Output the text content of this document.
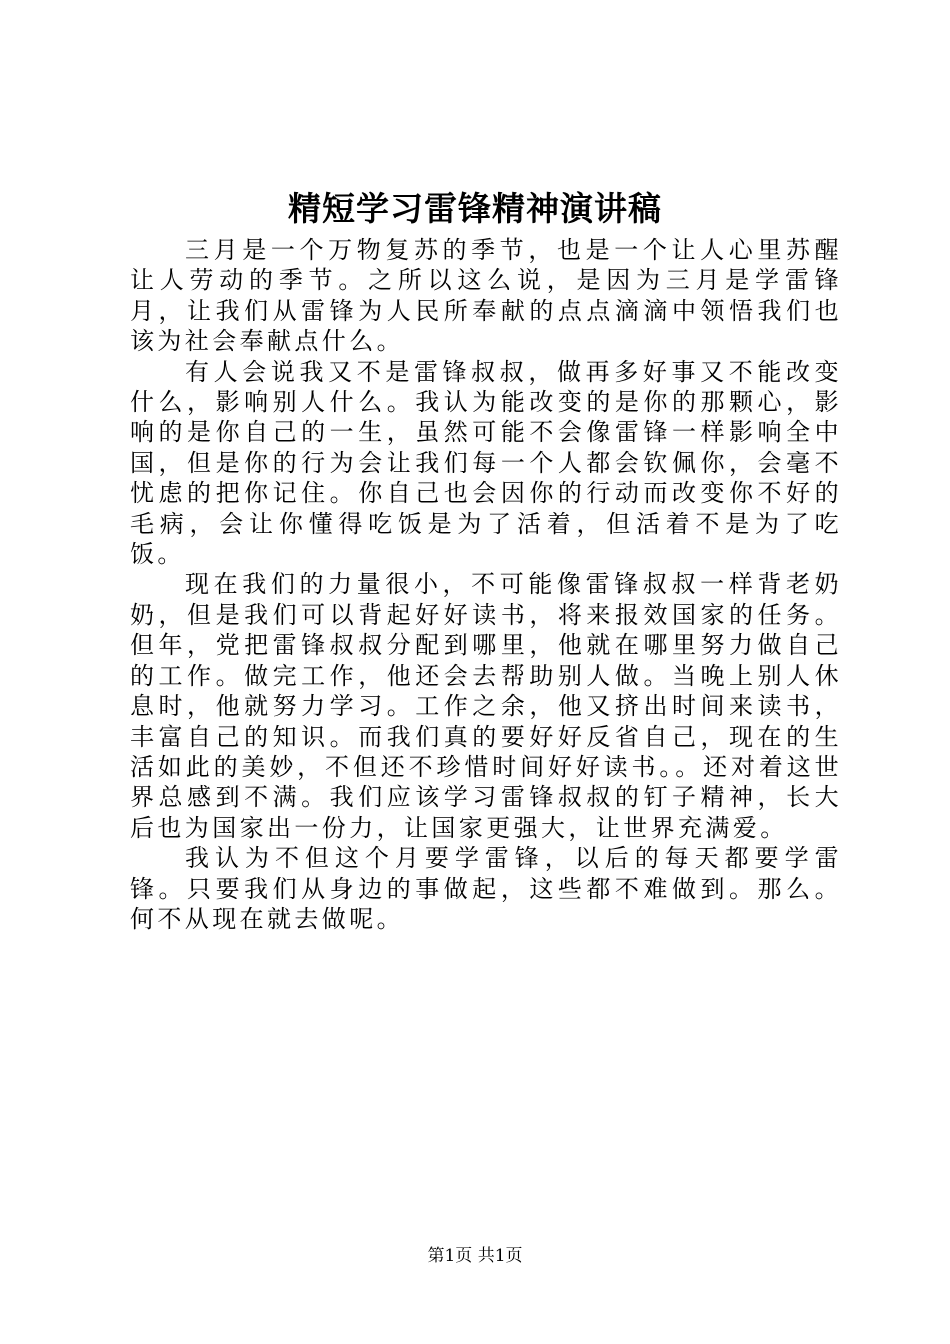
精短学习雷锋精神演讲稿

三月是一个万物复苏的季节，也是一个让人心里苏醒让人劳动的季节。之所以这么说，是因为三月是学雷锋月，让我们从雷锋为人民所奉献的点点滴滴中领悟我们也该为社会奉献点什么。

有人会说我又不是雷锋叔叔，做再多好事又不能改变什么，影响别人什么。我认为能改变的是你的那颗心，影响的是你自己的一生，虽然可能不会像雷锋一样影响全中国，但是你的行为会让我们每一个人都会钦佩你，会毫不忧虑的把你记住。你自己也会因你的行动而改变你不好的毛病，会让你懂得吃饭是为了活着，但活着不是为了吃饭。

现在我们的力量很小，不可能像雷锋叔叔一样背老奶奶，但是我们可以背起好好读书，将来报效国家的任务。但年，党把雷锋叔叔分配到哪里，他就在哪里努力做自己的工作。做完工作，他还会去帮助别人做。当晚上别人休息时，他就努力学习。工作之余，他又挤出时间来读书，丰富自己的知识。而我们真的要好好反省自己，现在的生活如此的美妙，不但还不珍惜时间好好读书。。还对着这世界总感到不满。我们应该学习雷锋叔叔的钉子精神，长大后也为国家出一份力，让国家更强大，让世界充满爱。

我认为不但这个月要学雷锋，以后的每天都要学雷锋。只要我们从身边的事做起，这些都不难做到。那么。何不从现在就去做呢。

第1页 共1页
